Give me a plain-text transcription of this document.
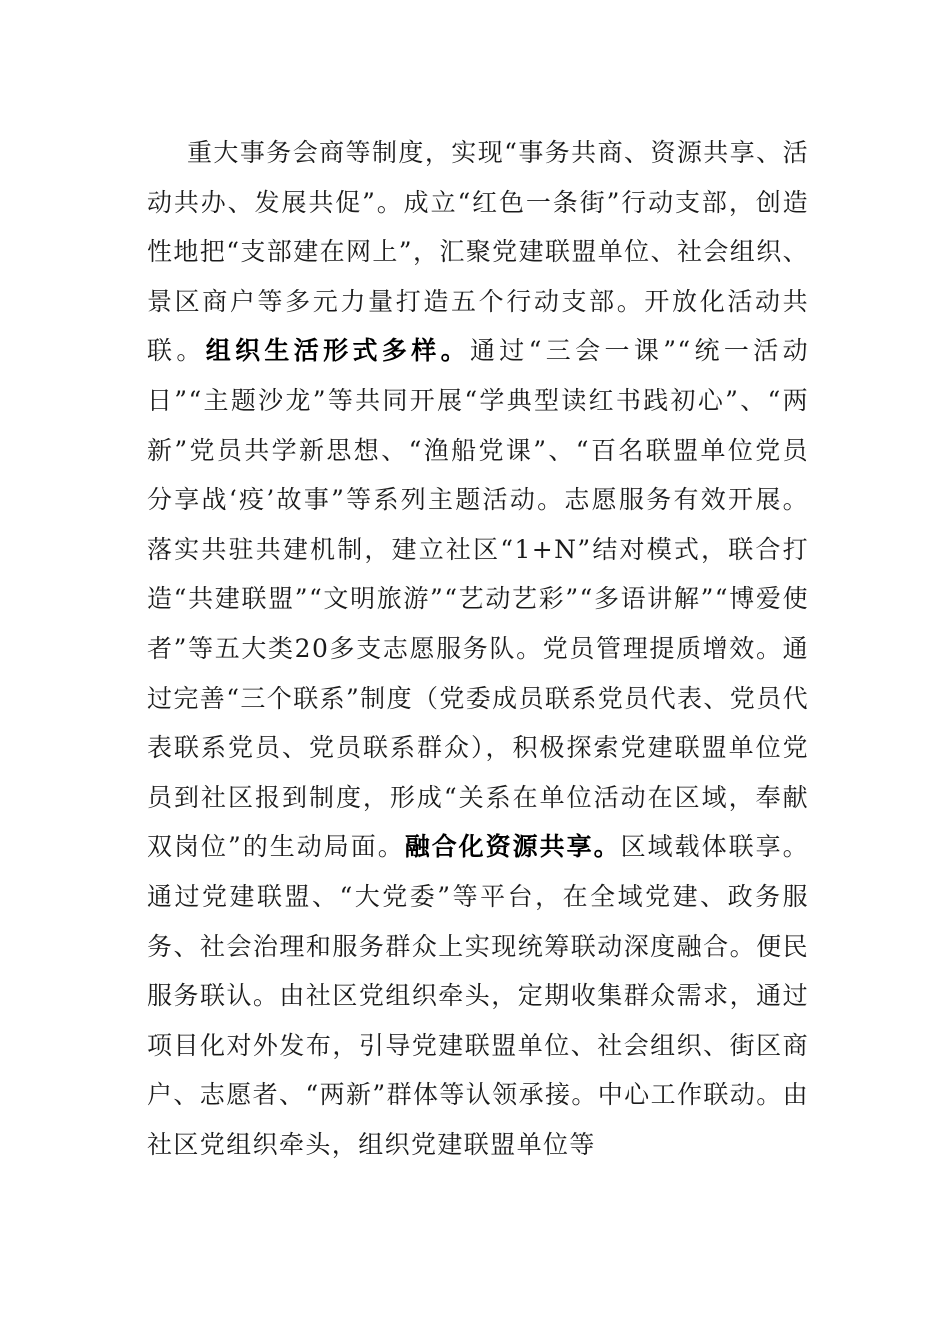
重大事务会商等制度，实现“事务共商、资源共享、活动共办、发展共促”。成立“红色一条街”行动支部，创造性地把“支部建在网上”，汇聚党建联盟单位、社会组织、景区商户等多元力量打造五个行动支部。开放化活动共联。组织生活形式多样。通过“三会一课”“统一活动日”“主题沙龙”等共同开展“学典型读红书践初心”、“两新”党员共学新思想、“渔船党课”、“百名联盟单位党员分享战‘疫’故事”等系列主题活动。志愿服务有效开展。落实共驻共建机制，建立社区“1+N”结对模式，联合打造“共建联盟”“文明旅游”“艺动艺彩”“多语讲解”“博爱使者”等五大类20多支志愿服务队。党员管理提质增效。通过完善“三个联系”制度（党委成员联系党员代表、党员代表联系党员、党员联系群众），积极探索党建联盟单位党员到社区报到制度，形成“关系在单位活动在区域，奉献双岗位”的生动局面。融合化资源共享。区域载体联享。通过党建联盟、“大党委”等平台，在全域党建、政务服务、社会治理和服务群众上实现统筹联动深度融合。便民服务联认。由社区党组织牵头，定期收集群众需求，通过项目化对外发布，引导党建联盟单位、社会组织、街区商户、志愿者、“两新”群体等认领承接。中心工作联动。由社区党组织牵头，组织党建联盟单位等
